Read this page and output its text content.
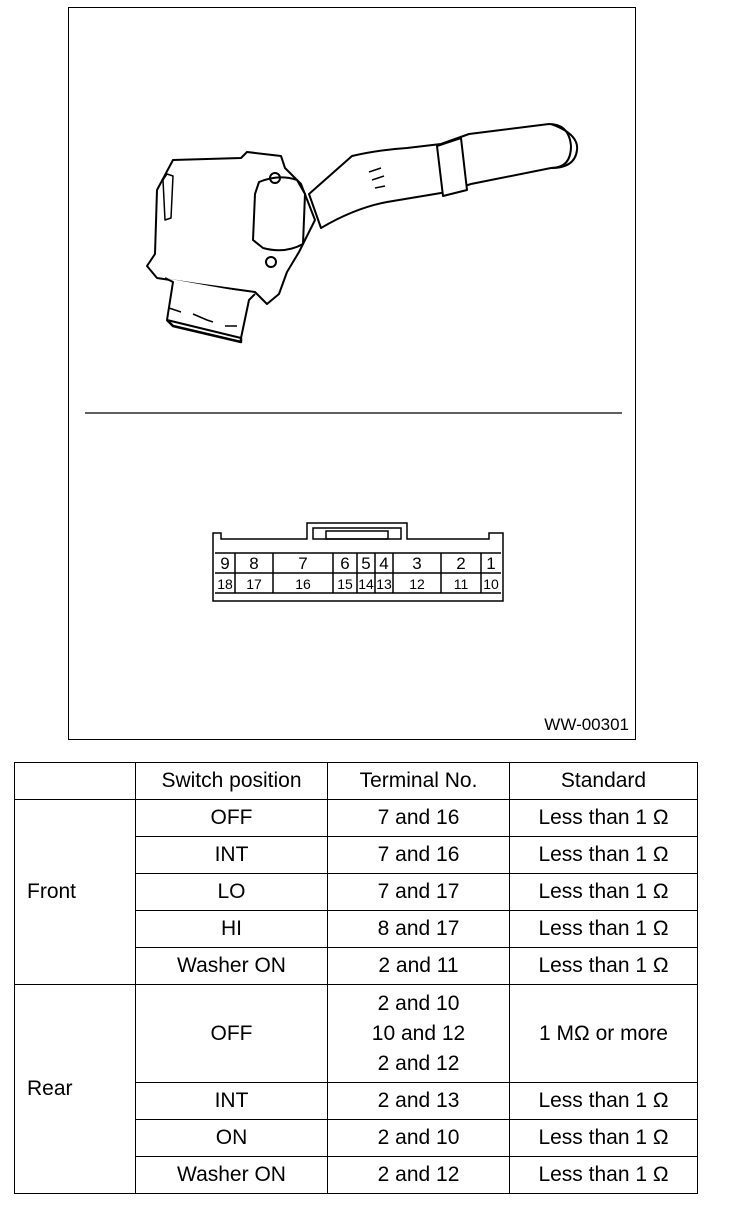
9
18
8
17
7
16
6
15
5
14
4
13
3
12
2
11
1
10
WW-00301
	Switch position	Terminal No.	Standard
Front	OFF	7 and 16	Less than 1 Ω
	INT	7 and 16	Less than 1 Ω
	LO	7 and 17	Less than 1 Ω
	HI	8 and 17	Less than 1 Ω
	Washer ON	2 and 11	Less than 1 Ω
Rear	OFF	2 and 10
10 and 12
2 and 12	1 MΩ or more
	INT	2 and 13	Less than 1 Ω
	ON	2 and 10	Less than 1 Ω
	Washer ON	2 and 12	Less than 1 Ω
